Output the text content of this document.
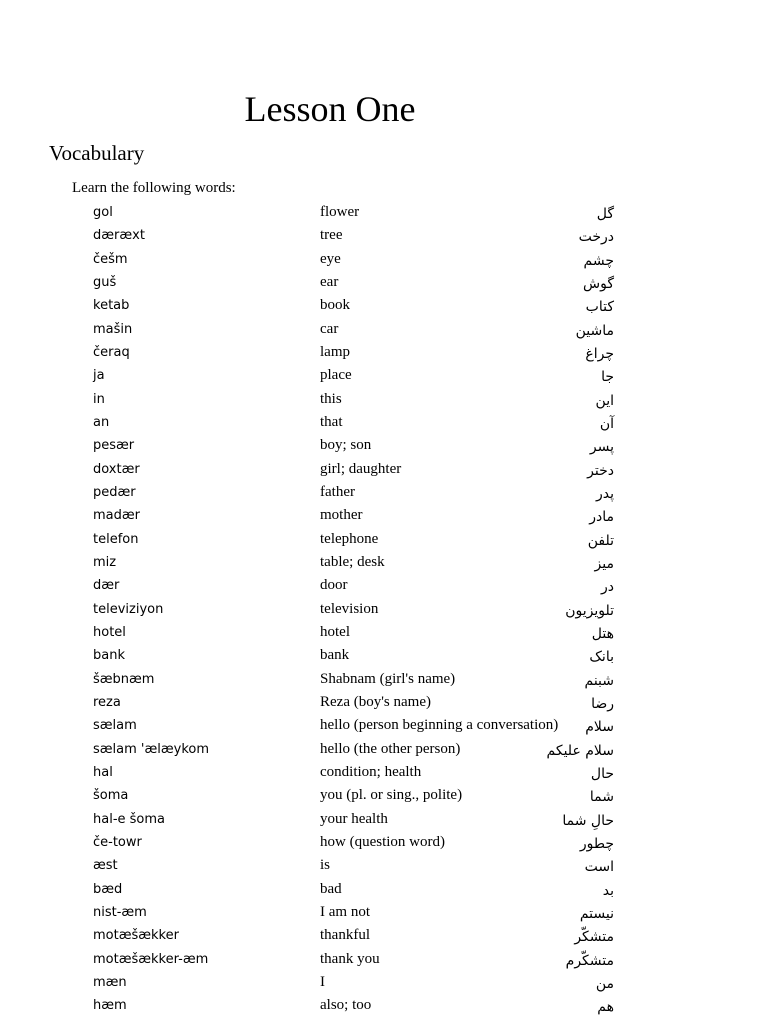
Lesson One
Vocabulary
Learn the following words:
gol	flower	گل
dæræxt	tree	درخت
češm	eye	چشم
guš	ear	گوش
ketab	book	کتاب
mašin	car	ماشین
čeraq	lamp	چراغ
ja	place	جا
in	this	این
an	that	آن
pesær	boy; son	پسر
doxtær	girl; daughter	دختر
pedær	father	پدر
madær	mother	مادر
telefon	telephone	تلفن
miz	table; desk	میز
dær	door	در
televiziyon	television	تلویزیون
hotel	hotel	هتل
bank	bank	بانک
šæbnæm	Shabnam (girl's name)	شبنم
reza	Reza (boy's name)	رضا
sælam	hello (person beginning a conversation) سلام
sælam 'ælæykom	hello (the other person)	سلام علیکم
hal	condition; health	حال
šoma	you (pl. or sing., polite)	شما
hal-e šoma	your health	حالِ شما
če-towr	how (question word)	چطور
æst	is	است
bæd	bad	بد
nist-æm	I am not	نیستم
motæšækker	thankful	متشکّر
motæšækker-æm	thank you	متشکّرم
mæn	I	من
hæm	also; too	هم
